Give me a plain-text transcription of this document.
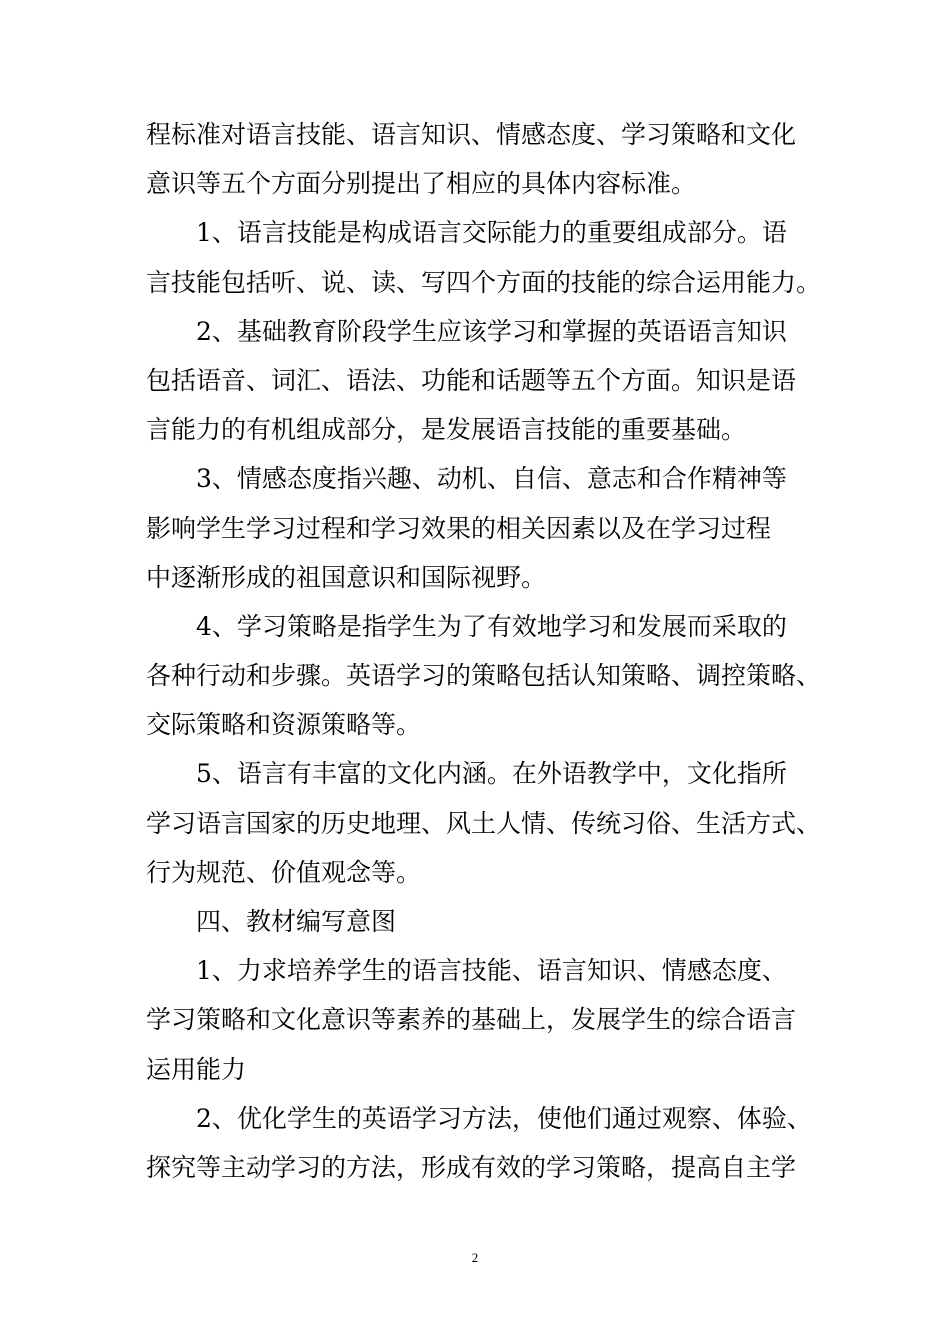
程标准对语言技能、语言知识、情感态度、学习策略和文化
意识等五个方面分别提出了相应的具体内容标准。
1、语言技能是构成语言交际能力的重要组成部分。语
言技能包括听、说、读、写四个方面的技能的综合运用能力。
2、基础教育阶段学生应该学习和掌握的英语语言知识
包括语音、词汇、语法、功能和话题等五个方面。知识是语
言能力的有机组成部分，是发展语言技能的重要基础。
3、情感态度指兴趣、动机、自信、意志和合作精神等
影响学生学习过程和学习效果的相关因素以及在学习过程
中逐渐形成的祖国意识和国际视野。
4、学习策略是指学生为了有效地学习和发展而采取的
各种行动和步骤。英语学习的策略包括认知策略、调控策略、
交际策略和资源策略等。
5、语言有丰富的文化内涵。在外语教学中，文化指所
学习语言国家的历史地理、风土人情、传统习俗、生活方式、
行为规范、价值观念等。
四、教材编写意图
1、力求培养学生的语言技能、语言知识、情感态度、
学习策略和文化意识等素养的基础上，发展学生的综合语言
运用能力
2、优化学生的英语学习方法，使他们通过观察、体验、
探究等主动学习的方法，形成有效的学习策略，提高自主学
2
